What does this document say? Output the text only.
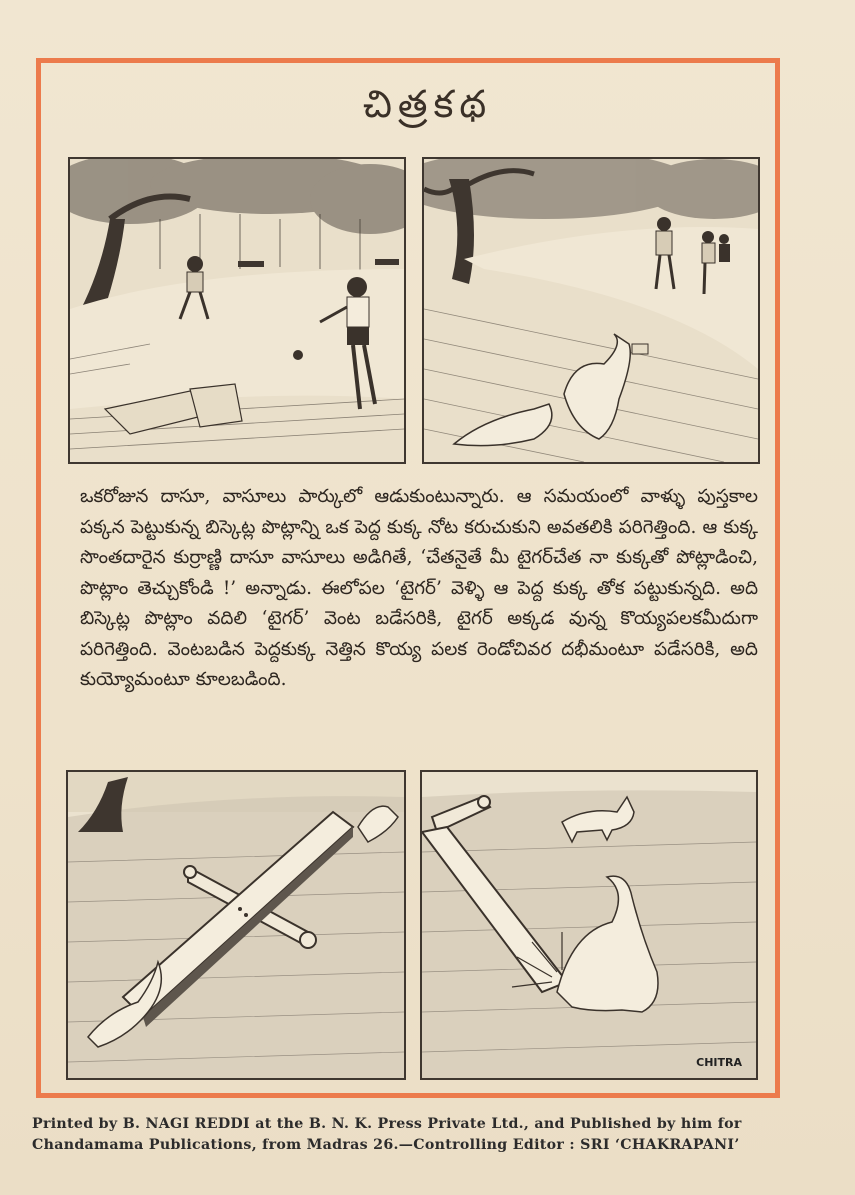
చిత్రకథ

ఒకరోజున దాసూ, వాసూలు పార్కులో ఆడుకుంటున్నారు. ఆ సమయంలో వాళ్ళు పుస్తకాల పక్కన పెట్టుకున్న బిస్కెట్ల పొట్లాన్ని ఒక పెద్ద కుక్క నోట కరుచుకుని అవతలికి పరిగెత్తింది. ఆ కుక్క సొంతదారైన కుర్రాణ్ణి దాసూ వాసూలు అడిగితే, ‘చేతనైతే మీ టైగర్‌చేత నా కుక్కతో పోట్లాడించి, పొట్లాం తెచ్చుకోండి !’ అన్నాడు. ఈలోపల ‘టైగర్’ వెళ్ళి ఆ పెద్ద కుక్క తోక పట్టుకున్నది. అది బిస్కెట్ల పొట్లాం వదిలి ‘టైగర్’ వెంట బడేసరికి, టైగర్ అక్కడ వున్న కొయ్యపలకమీదుగా పరిగెత్తింది. వెంటబడిన పెద్దకుక్క నెత్తిన కొయ్య పలక రెండోచివర దభీమంటూ పడేసరికి, అది కుయ్యోమంటూ కూలబడింది.

CHITRA
Printed by B. NAGI REDDI at the B. N. K. Press Private Ltd., and Published by him for
Chandamama Publications, from Madras 26.—Controlling Editor : SRI ‘CHAKRAPANI’
